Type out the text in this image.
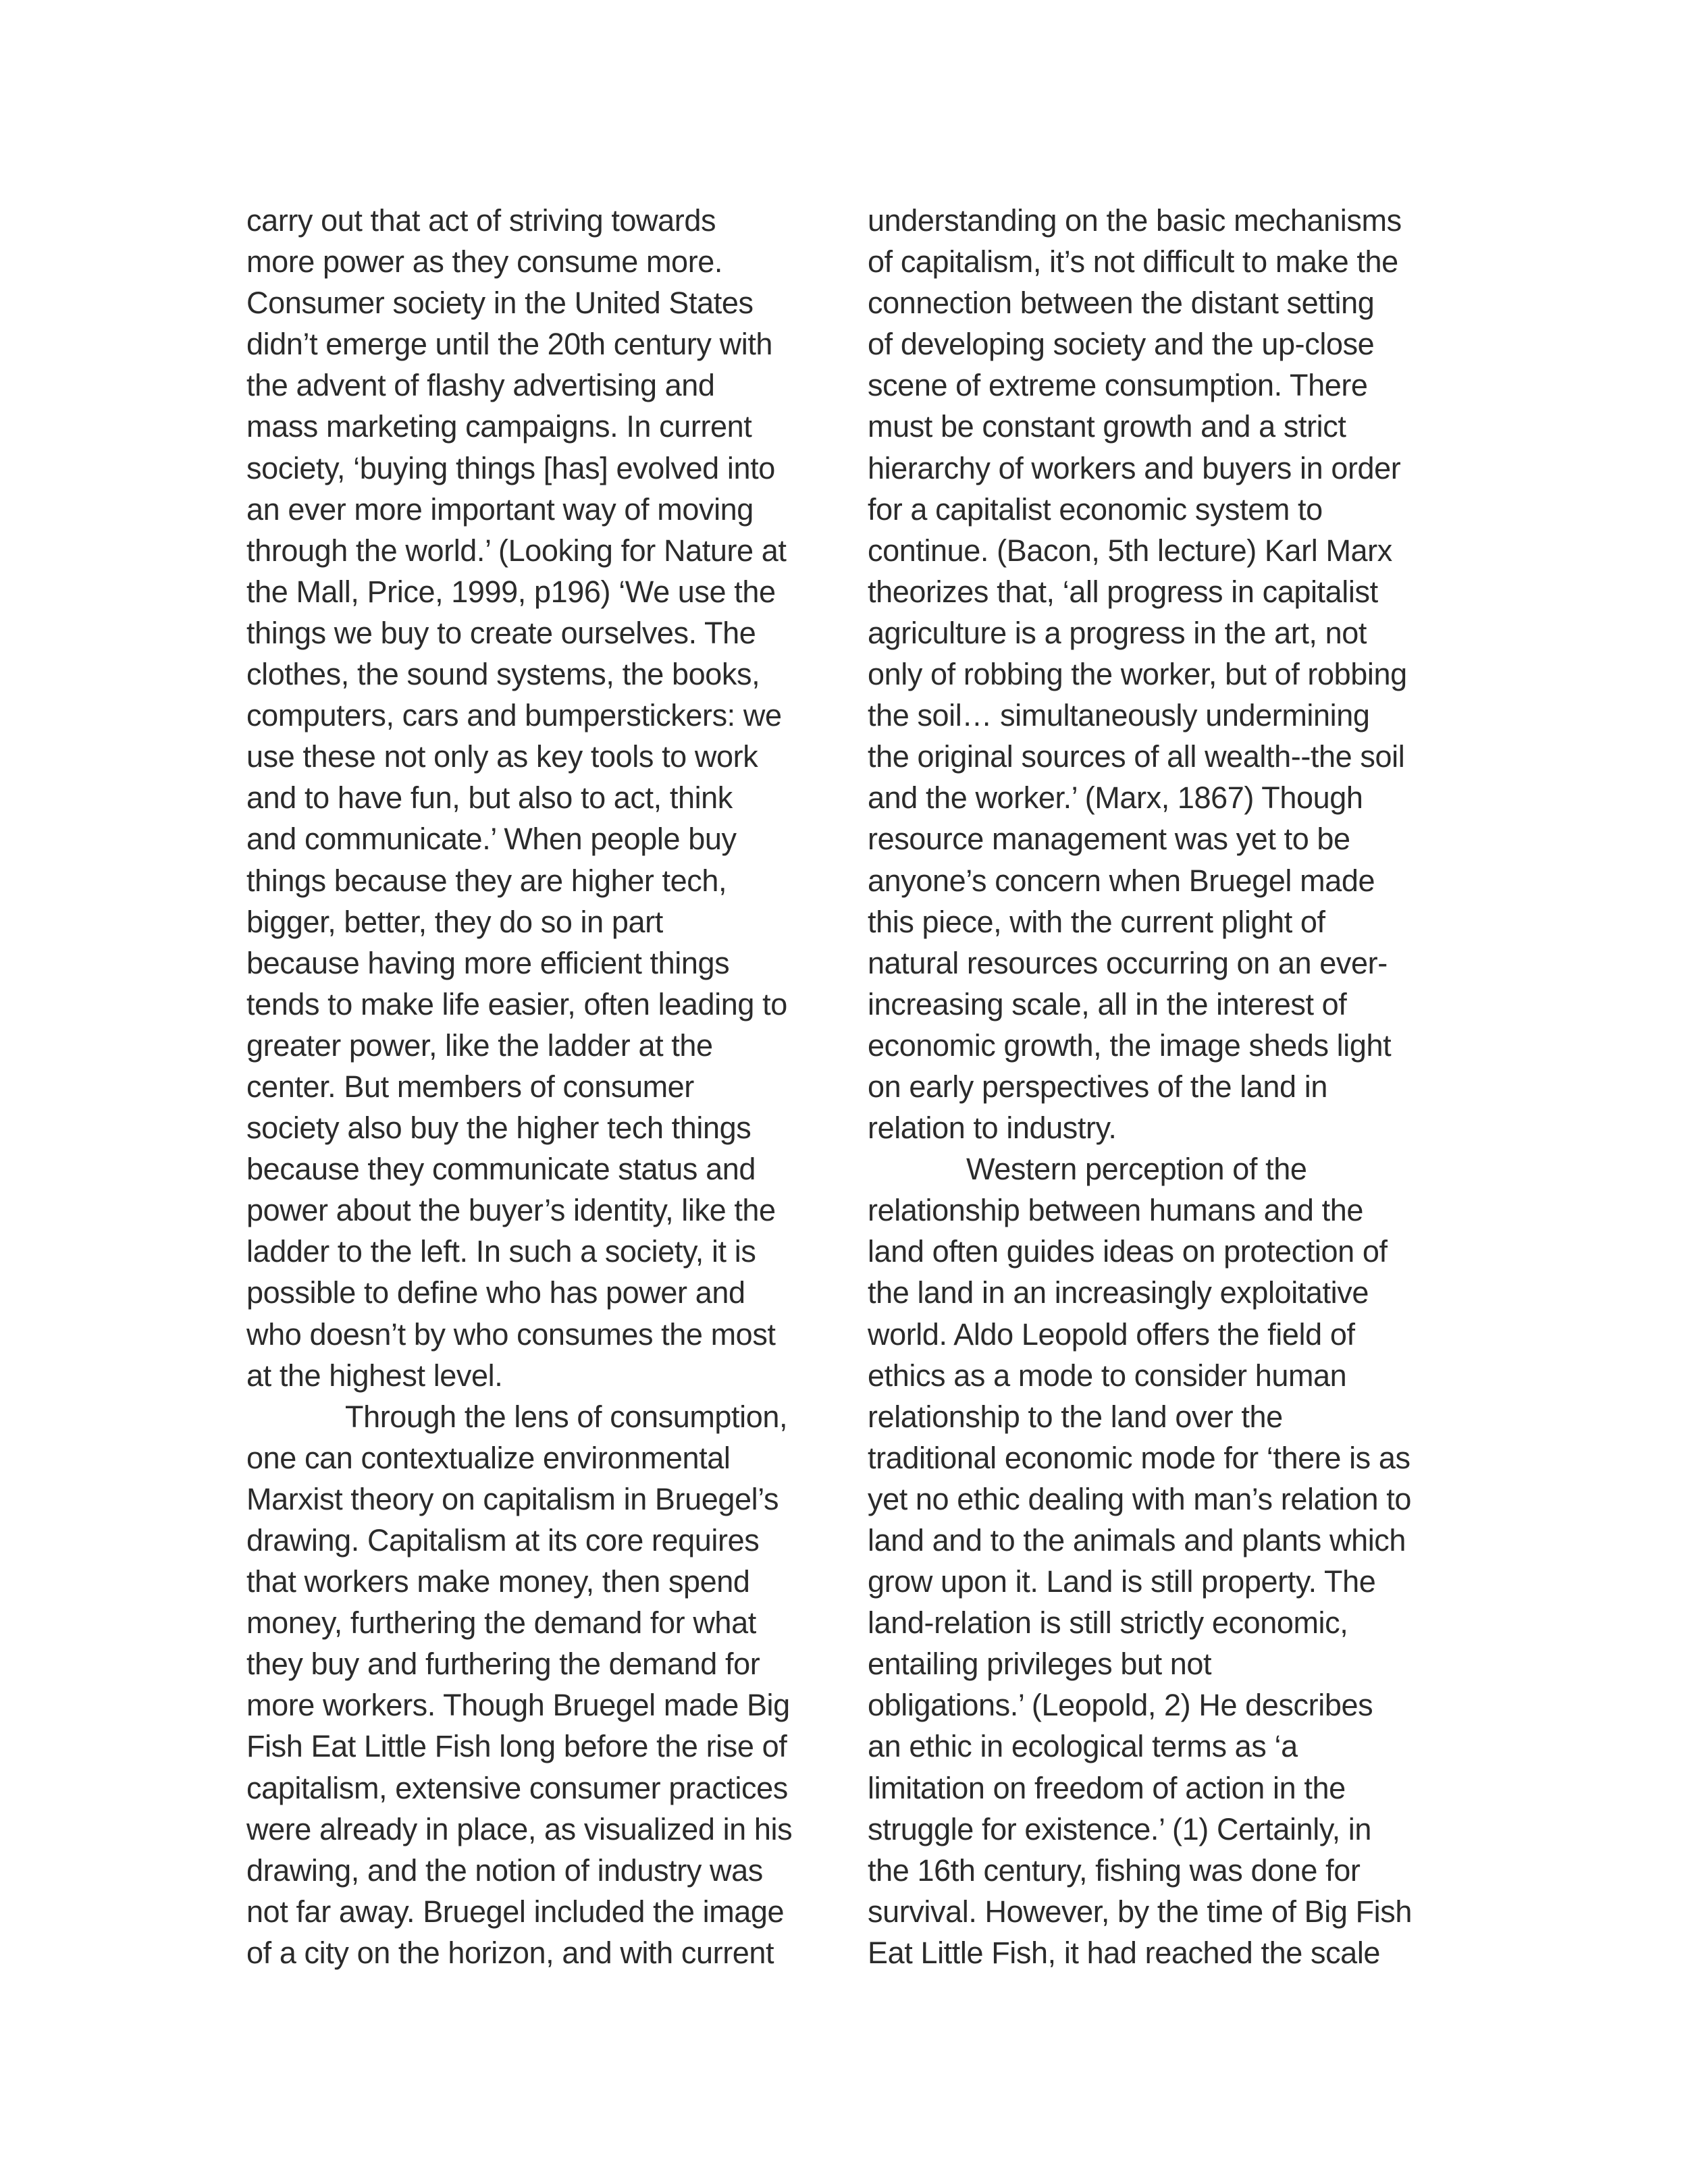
carry out that act of striving towards
more power as they consume more.
Consumer society in the United States
didn’t emerge until the 20th century with
the advent of flashy advertising and
mass marketing campaigns. In current
society, ‘buying things [has] evolved into
an ever more important way of moving
through the world.’ (Looking for Nature at
the Mall, Price, 1999, p196) ‘We use the
things we buy to create ourselves. The
clothes, the sound systems, the books,
computers, cars and bumperstickers: we
use these not only as key tools to work
and to have fun, but also to act, think
and communicate.’ When people buy
things because they are higher tech,
bigger, better, they do so in part
because having more efficient things
tends to make life easier, often leading to
greater power, like the ladder at the
center. But members of consumer
society also buy the higher tech things
because they communicate status and
power about the buyer’s identity, like the
ladder to the left. In such a society, it is
possible to define who has power and
who doesn’t by who consumes the most
at the highest level.
Through the lens of consumption,
one can contextualize environmental
Marxist theory on capitalism in Bruegel’s
drawing. Capitalism at its core requires
that workers make money, then spend
money, furthering the demand for what
they buy and furthering the demand for
more workers. Though Bruegel made Big
Fish Eat Little Fish long before the rise of
capitalism, extensive consumer practices
were already in place, as visualized in his
drawing, and the notion of industry was
not far away. Bruegel included the image
of a city on the horizon, and with current
understanding on the basic mechanisms
of capitalism, it’s not difficult to make the
connection between the distant setting
of developing society and the up-close
scene of extreme consumption. There
must be constant growth and a strict
hierarchy of workers and buyers in order
for a capitalist economic system to
continue. (Bacon, 5th lecture) Karl Marx
theorizes that, ‘all progress in capitalist
agriculture is a progress in the art, not
only of robbing the worker, but of robbing
the soil… simultaneously undermining
the original sources of all wealth--the soil
and the worker.’ (Marx, 1867) Though
resource management was yet to be
anyone’s concern when Bruegel made
this piece, with the current plight of
natural resources occurring on an ever-
increasing scale, all in the interest of
economic growth, the image sheds light
on early perspectives of the land in
relation to industry.
Western perception of the
relationship between humans and the
land often guides ideas on protection of
the land in an increasingly exploitative
world. Aldo Leopold offers the field of
ethics as a mode to consider human
relationship to the land over the
traditional economic mode for ‘there is as
yet no ethic dealing with man’s relation to
land and to the animals and plants which
grow upon it. Land is still property. The
land-relation is still strictly economic,
entailing privileges but not
obligations.’ (Leopold, 2) He describes
an ethic in ecological terms as ‘a
limitation on freedom of action in the
struggle for existence.’ (1) Certainly, in
the 16th century, fishing was done for
survival. However, by the time of Big Fish
Eat Little Fish, it had reached the scale
